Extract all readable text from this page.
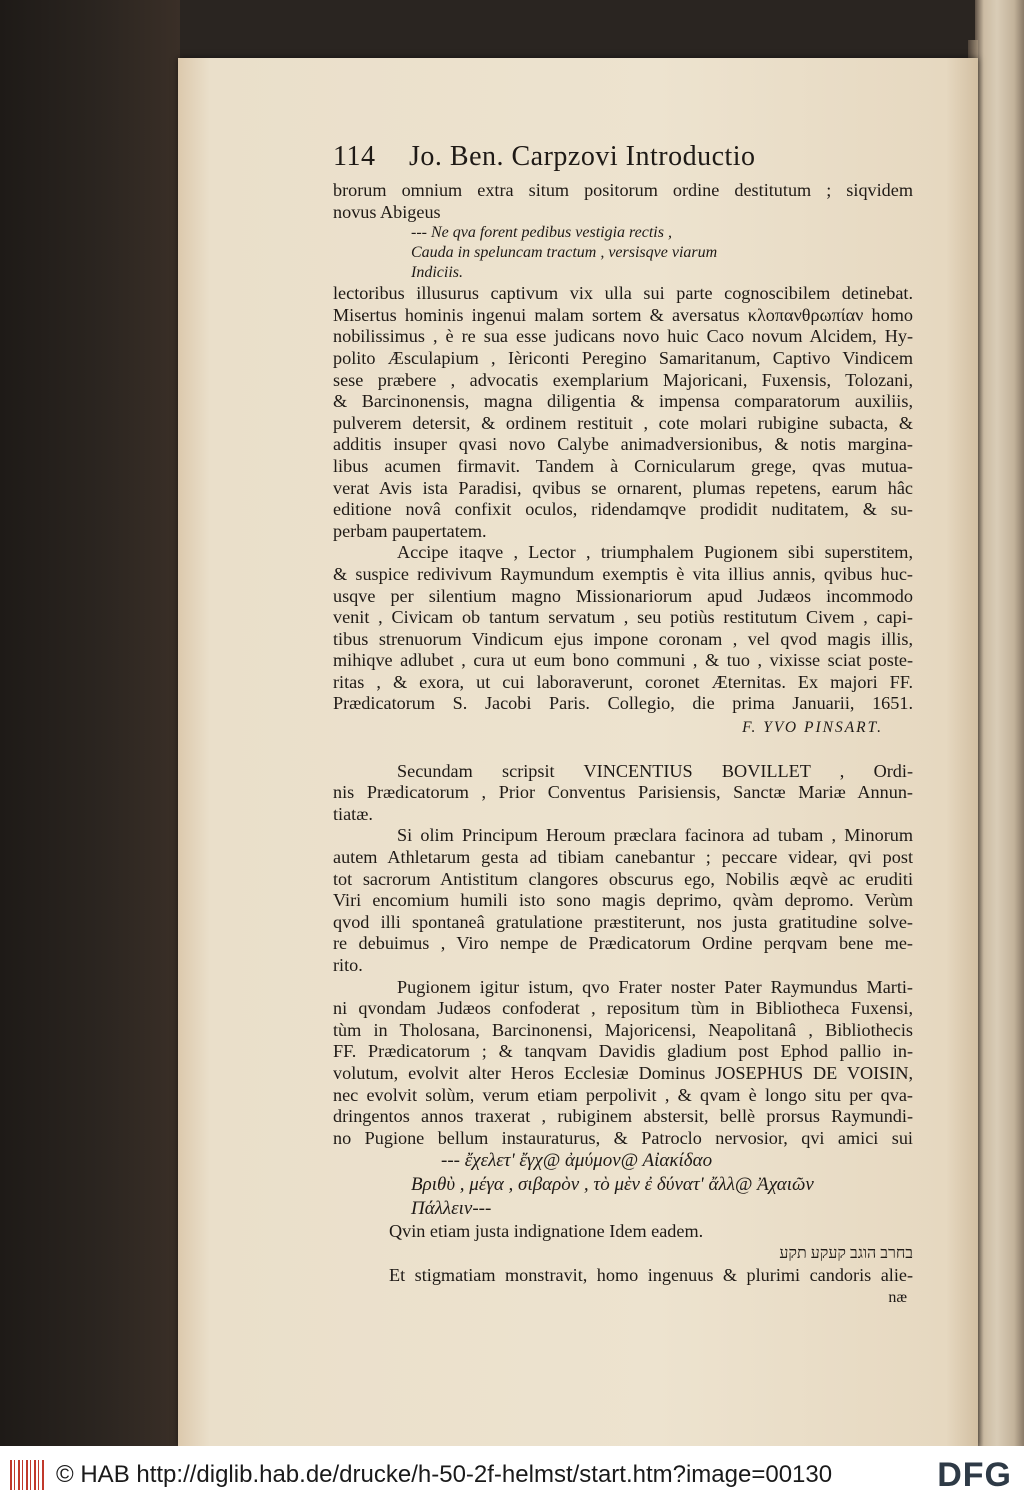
114	Jo. Ben. Carpzovi Introductio
brorum omnium extra situm positorum ordine destitutum ; siqvidem
novus Abigeus
--- Ne qva forent pedibus vestigia rectis ,
Cauda in speluncam tractum , versisqve viarum
Indiciis.
lectoribus illusurus captivum vix ulla sui parte cognoscibilem detinebat.
Misertus hominis ingenui malam sortem & aversatus κλοπανθρωπίαν homo
nobilissimus , è re sua esse judicans novo huic Caco novum Alcidem, Hy-
polito Æsculapium , Ièriconti Peregino Samaritanum, Captivo Vindicem
sese præbere , advocatis exemplarium Majoricani, Fuxensis, Tolozani,
& Barcinonensis, magna diligentia & impensa comparatorum auxiliis,
pulverem detersit, & ordinem restituit , cote molari rubigine subacta, &
additis insuper qvasi novo Calybe animadversionibus, & notis margina-
libus acumen firmavit. Tandem à Cornicularum grege, qvas mutua-
verat Avis ista Paradisi, qvibus se ornarent, plumas repetens, earum hâc
editione novâ confixit oculos, ridendamqve prodidit nuditatem, & su-
perbam paupertatem.
Accipe itaqve , Lector , triumphalem Pugionem sibi superstitem,
& suspice redivivum Raymundum exemptis è vita illius annis, qvibus huc-
usqve per silentium magno Missionariorum apud Judæos incommodo
venit , Civicam ob tantum servatum , seu potiùs restitutum Civem , capi-
tibus strenuorum Vindicum ejus impone coronam , vel qvod magis illis,
mihiqve adlubet , cura ut eum bono communi , & tuo , vixisse sciat poste-
ritas , & exora, ut cui laboraverunt, coronet Æternitas. Ex majori FF.
Prædicatorum S. Jacobi Paris. Collegio, die prima Januarii, 1651.
F. YVO PINSART.
Secundam scripsit VINCENTIUS BOVILLET , Ordi-
nis Prædicatorum , Prior Conventus Parisiensis, Sanctæ Mariæ Annun-
tiatæ.
Si olim Principum Heroum præclara facinora ad tubam , Minorum
autem Athletarum gesta ad tibiam canebantur ; peccare videar, qvi post
tot sacrorum Antistitum clangores obscurus ego, Nobilis æqvè ac eruditi
Viri encomium humili isto sono magis deprimo, qvàm depromo. Verùm
qvod illi spontaneâ gratulatione præstiterunt, nos justa gratitudine solve-
re debuimus , Viro nempe de Prædicatorum Ordine perqvam bene me-
rito.
Pugionem igitur istum, qvo Frater noster Pater Raymundus Marti-
ni qvondam Judæos confoderat , repositum tùm in Bibliotheca Fuxensi,
tùm in Tholosana, Barcinonensi, Majoricensi, Neapolitanâ , Bibliothecis
FF. Prædicatorum ; & tanqvam Davidis gladium post Ephod pallio in-
volutum, evolvit alter Heros Ecclesiæ Dominus JOSEPHUS DE VOISIN,
nec evolvit solùm, verum etiam perpolivit , & qvam è longo situ per qva-
dringentos annos traxerat , rubiginem abstersit, bellè prorsus Raymundi-
no Pugione bellum instauraturus, & Patroclo nervosior, qvi amici sui
--- ἔχελετ' ἔγχ@ ἀμύμον@ Αἰακίδαο
Βριθὺ , μέγα , σιβαρὸν , τὸ μὲν ἐ δύνατ' ἄλλ@ Ἀχαιῶν
Πάλλειν---
Qvin etiam justa indignatione Idem eadem.
בחרב הוגב קעקע תקע
Et stigmatiam monstravit, homo ingenuus & plurimi candoris alie-
næ
© HAB http://diglib.hab.de/drucke/h-50-2f-helmst/start.htm?image=00130	DFG
